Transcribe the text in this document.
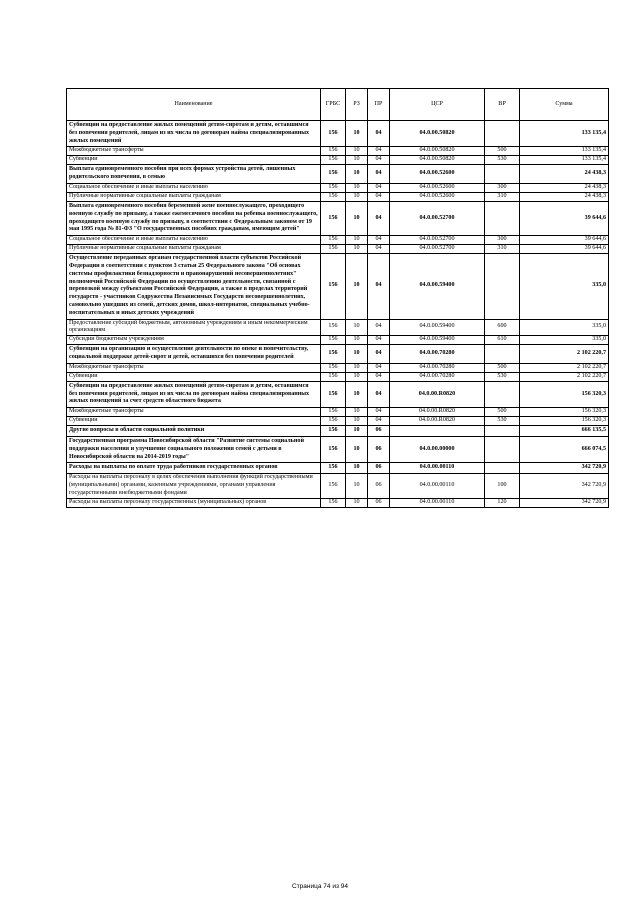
Наименование	ГРБС	РЗ	ПР	ЦСР	ВР	Сумма
Субвенции на предоставление жилых помещений детям-сиротам и детям, оставшимся без попечения родителей, лицам из их числа по договорам найма специализированных жилых помещений	156	10	04	04.0.00.50820		133 135,4
Межбюджетные трансферты	156	10	04	04.0.00.50820	500	133 135,4
Субвенции	156	10	04	04.0.00.50820	530	133 135,4
Выплата единовременного пособия при всех формах устройства детей, лишенных родительского попечения, в семью	156	10	04	04.0.00.52600		24 438,3
Социальное обеспечение и иные выплаты населению	156	10	04	04.0.00.52600	300	24 438,3
Публичные нормативные социальные выплаты гражданам	156	10	04	04.0.00.52600	310	24 438,3
Выплата единовременного пособия беременной жене военнослужащего, проходящего военную службу по призыву, а также ежемесячного пособия на ребенка военнослужащего, проходящего военную службу по призыву, в соответствии с Федеральным законом от 19 мая 1995 года № 81-ФЗ "О государственных пособиях гражданам, имеющим детей"	156	10	04	04.0.00.52700		39 644,6
Социальное обеспечение и иные выплаты населению	156	10	04	04.0.00.52700	300	39 644,6
Публичные нормативные социальные выплаты гражданам	156	10	04	04.0.00.52700	310	39 644,6
Осуществление переданных органам государственной власти субъектов Российской Федерации в соответствии с пунктом 3 статьи 25 Федерального закона "Об основах системы профилактики безнадзорности и правонарушений несовершеннолетних" полномочий Российской Федерации по осуществлению деятельности, связанной с перевозкой между субъектами Российской Федерации, а также в пределах территорий государств - участников Содружества Независимых Государств несовершеннолетних, самовольно ушедших из семей, детских домов, школ-интернатов, специальных учебно-воспитательных и иных детских учреждений	156	10	04	04.0.00.59400		335,0
Предоставление субсидий бюджетным, автономным учреждениям и иным некоммерческим организациям	156	10	04	04.0.00.59400	600	335,0
Субсидии бюджетным учреждениям	156	10	04	04.0.00.59400	610	335,0
Субвенции на организацию и осуществление деятельности по опеке и попечительству, социальной поддержке детей-сирот и детей, оставшихся без попечения родителей	156	10	04	04.0.00.70280		2 102 220,7
Межбюджетные трансферты	156	10	04	04.0.00.70280	500	2 102 220,7
Субвенции	156	10	04	04.0.00.70280	530	2 102 220,7
Субвенции на предоставление жилых помещений детям-сиротам и детям, оставшимся без попечения родителей, лицам из их числа по договорам найма специализированных жилых помещений за счет средств областного бюджета	156	10	04	04.0.00.R0820		156 320,3
Межбюджетные трансферты	156	10	04	04.0.00.R0820	500	156 320,3
Субвенции	156	10	04	04.0.00.R0820	530	156 320,3
Другие вопросы в области социальной политики	156	10	06			666 135,5
Государственная программа Новосибирской области "Развитие системы социальной поддержки населения и улучшение социального положения семей с детьми в Новосибирской области на 2014-2019 годы"	156	10	06	04.0.00.00000		666 074,5
Расходы на выплаты по оплате труда работников государственных органов	156	10	06	04.0.00.00110		342 720,9
Расходы на выплаты персоналу в целях обеспечения выполнения функций государственными (муниципальными) органами, казенными учреждениями, органами управления государственными внебюджетными фондами	156	10	06	04.0.00.00110	100	342 720,9
Расходы на выплаты персоналу государственных (муниципальных) органов	156	10	06	04.0.00.00110	120	342 720,9
Страница 74 из 94
